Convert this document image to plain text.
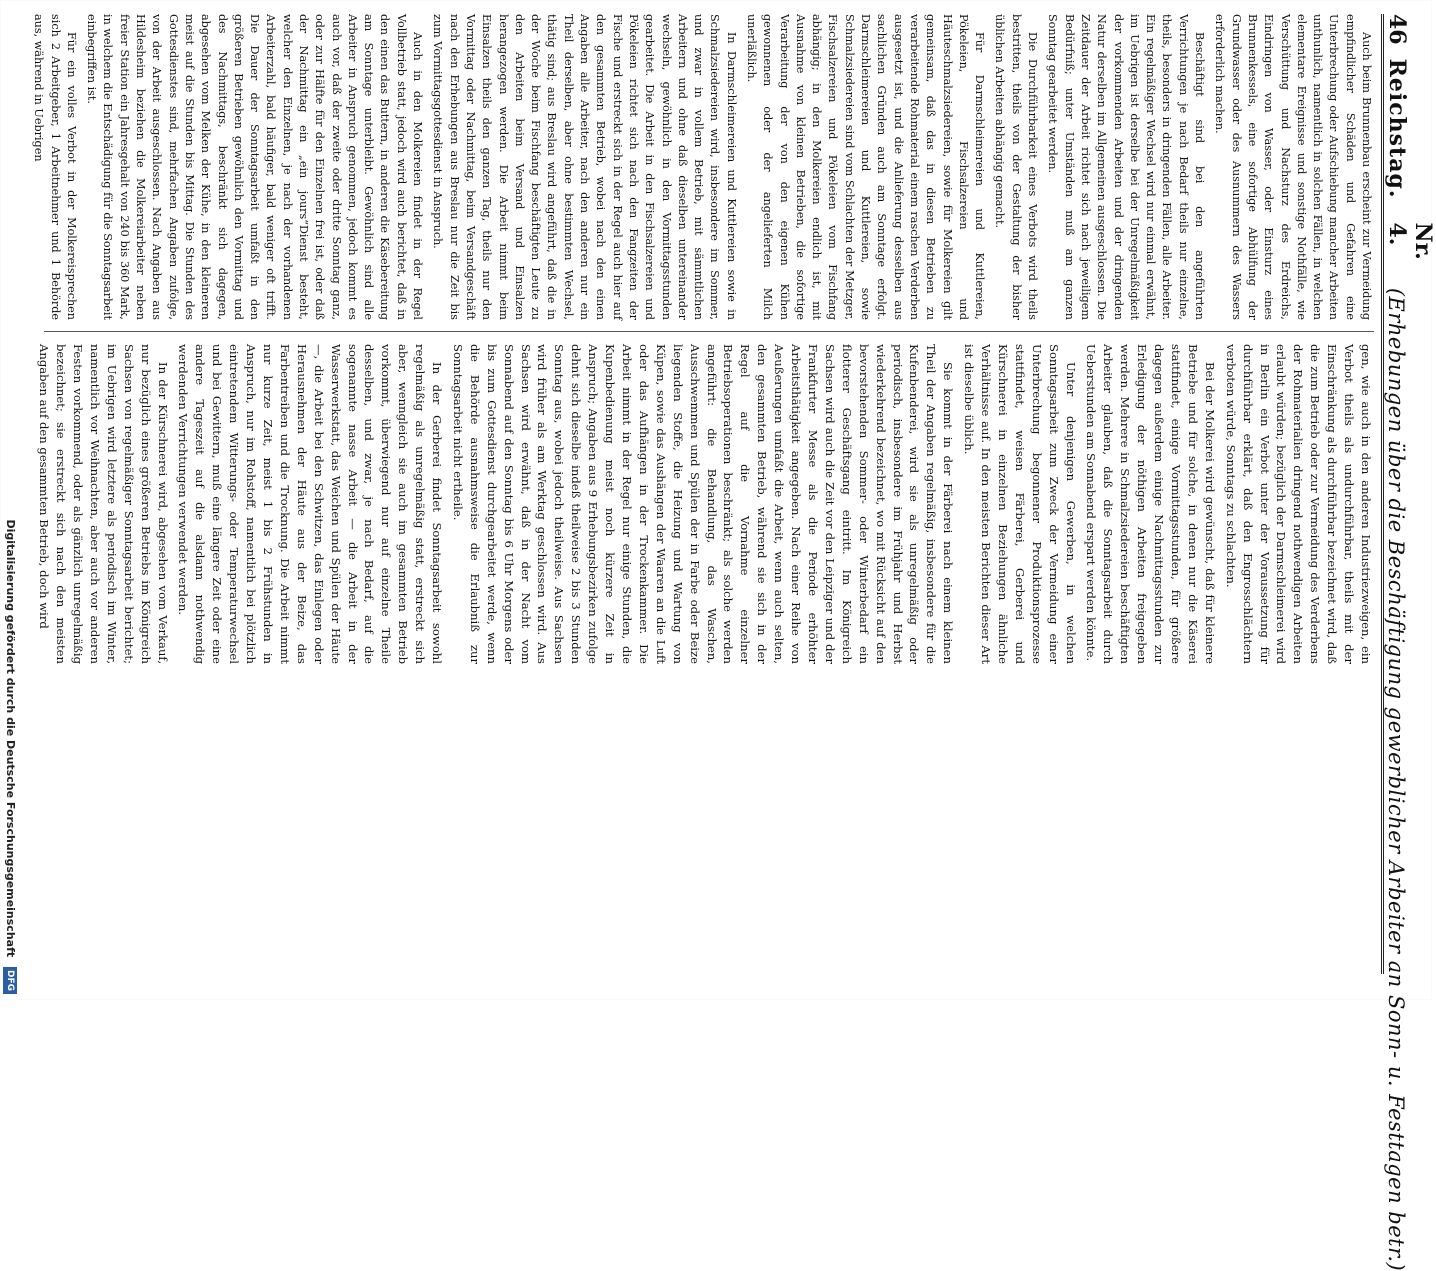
46
Reichstag.
Nr. 4.
(Erhebungen über die Beschäftigung gewerblicher Arbeiter an Sonn- u. Festtagen betr.)

Auch beim Brunnenbau erscheint zur Vermeidung empfindlicher Schäden und Gefahren eine Unterbrechung oder Aufschiebung mancher Arbeiten unthunlich, namentlich in solchen Fällen, in welchen elementare Ereignisse und sonstige Nothfälle, wie Verschüttung und Nachsturz des Erdreichs, Eindringen von Wasser, oder Einsturz eines Brunnenkessels, eine sofortige Abhülfung der Grundwasser oder des Ausnummern des Wassers erforderlich machen.

Beschäftigt sind bei den angeführten Verrichtungen je nach Bedarf theils nur einzelne, theils, besonders in dringenden Fällen, alle Arbeiter. Ein regelmäßiger Wechsel wird nur einmal erwähnt, im Uebrigen ist derselbe bei der Unregelmäßigkeit der vorkommenden Arbeiten und der dringenden Natur derselben im Allgemeinen ausgeschlossen. Die Zeitdauer der Arbeit richtet sich nach jeweiligem Bedürfniß; unter Umständen muß am ganzen Sonntag gearbeitet werden.

Die Durchführbarkeit eines Verbots wird theils bestritten, theils von der Gestaltung der bisher üblichen Arbeiten abhängig gemacht.

Für Darmschleimereien und Kuttlereien, Pökeleien, Fischsalzereien und Häuteschmalzsiedereien, sowie für Molkereien gilt gemeinsam, daß das in diesen Betrieben zu verarbeitende Rohmaterial einem raschen Verderben ausgesetzt ist, und die Anlieferung desselben aus sachlichen Gründen auch am Sonntage erfolgt. Darmschleimereien und Kuttlereien, sowie Schmalzsiedereien sind vom Schlachten der Metzger, Fischsalzereien und Pökeleien vom Fischfang abhängig; in den Molkereien endlich ist, mit Ausnahme von kleinen Betrieben, die sofortige Verarbeitung der von den eigenen Kühen gewonnenen oder der angelieferten Milch unerläßlich.

In Darmschleimereien und Kuttlereien sowie in Schmalzsiedereien wird, insbesondere im Sommer, und zwar in vollem Betrieb, mit sämmtlichen Arbeitern und ohne daß dieselben untereinander wechseln, gewöhnlich in den Vormittagsstunden gearbeitet. Die Arbeit in den Fischsalzereien und Pökeleien richtet sich nach den Fangzeiten der Fische und erstreckt sich in der Regel auch hier auf den gesammten Betrieb, wobei nach den einen Angaben alle Arbeiter, nach den anderen nur ein Theil derselben, aber ohne bestimmten Wechsel, thätig sind; aus Breslau wird angeführt, daß die in der Woche beim Fischfang beschäftigten Leute zu den Arbeiten beim Versand und Einsalzen herangezogen werden. Die Arbeit nimmt beim Einsalzen theils den ganzen Tag, theils nur den Vormittag oder Nachmittag, beim Versandgeschäft nach den Erhebungen aus Breslau nur die Zeit bis zum Vormittagsgottesdienst in Anspruch.

Auch in den Molkereien findet in der Regel Vollbetrieb statt, jedoch wird auch berichtet, daß in den einen das Buttern, in anderen die Käsebereitung am Sonntage unterbleibt. Gewöhnlich sind alle Arbeiter in Anspruch genommen, jedoch kommt es auch vor, daß der zweite oder dritte Sonntag ganz, oder zur Hälfte für den Einzelnen frei ist, oder daß der Nachmittag ein „ein jours“Dienst besteht, welcher den Einzelnen, je nach der vorhandenen Arbeiterzahl, bald häufiger, bald weniger oft trifft. Die Dauer der Sonntagsarbeit umfaßt in den größeren Betrieben gewöhnlich den Vormittag und des Nachmittags, beschränkt sich dagegen, abgesehen vom Melken der Kühe, in den kleineren meist auf die Stunden bis Mittag. Die Stunden des Gottesdienstes sind, mehrfachen Angaben zufolge, von der Arbeit ausgeschlossen. Nach Angaben aus Hildesheim beziehen die Molkereiarbeiter neben freier Station ein Jahresgehalt von 240 bis 360 Mark, in welchem die Entschädigung für die Sonntagsarbeit einbegriffen ist.

Für ein volles Verbot in der Molkereisprechen sich 2 Arbeitgeber, 1 Arbeitnehmer und 1 Behörde aus, während in Uebrigen

gen, wie auch in den anderen Industriezweigen, ein Verbot theils als undurchführbar, theils mit der Einschränkung als durchführbar bezeichnet wird, daß die zum Betrieb oder zur Vermeidung des Verderbens der Rohmaterialien dringend nothwendigen Arbeiten erlaubt würden; bezüglich der Darmschleimerei wird in Berlin ein Verbot unter der Voraussetzung für durchführbar erklärt, daß den Engrosschlächtern verboten würde, Sonntags zu schlachten.

Bei der Molkerei wird gewünscht, daß für kleinere Betriebe und für solche, in denen nur die Käserei stattfindet, einige Vormittagsstunden, für größere dagegen außerdem einige Nachmittagsstunden zur Erledigung der nöthigen Arbeiten freigegeben werden. Mehrere in Schmalzsiedereien beschäftigten Arbeiter glauben, daß die Sonntagsarbeit durch Ueberstunden am Sonnabend erspart werden könnte.

Unter denjenigen Gewerben, in welchen Sonntagsarbeit zum Zweck der Vermeidung einer Unterbrechung begonnener Produktionsprozesse stattfindet, weisen Färberei, Gerberei und Kürschnerei in einzelnen Beziehungen ähnliche Verhältnisse auf. In den meisten Berichten dieser Art ist dieselbe üblich.

Sie kommt in der Färberei nach einem kleinen Theil der Angaben regelmäßig, insbesondere für die Kufenbenderei, wird sie als unregelmäßig oder periodisch, insbesondere im Frühjahr und Herbst wiederkehrend bezeichnet, wo mit Rücksicht auf den bevorstehenden Sommer- oder Winterbedarf ein flotterer Geschäftsgang eintritt. Im Königreich Sachsen wird auch die Zeit vor den Leipziger und der Frankfurter Messe als die Periode erhöhter Arbeitsthätigkeit angegeben. Nach einer Reihe von Aeußerungen umfaßt die Arbeit, wenn auch selten, den gesammten Betrieb, während sie sich in der Regel auf die Vornahme einzelner Betriebsoperationen beschränkt; als solche werden angeführt: die Behandlung, das Waschen, Ausschwemmen und Spülen der in Farbe oder Beize liegenden Stoffe, die Heizung und Wartung von Küpen, sowie das Aushängen der Waaren an die Luft oder das Aufhängen in der Trockenkammer. Die Arbeit nimmt in der Regel nur einige Stunden, die Kupenbedienung meist noch kürzere Zeit in Anspruch; Angaben aus 9 Erhebungsbezirken zufolge dehnt sich dieselbe indeß theilweise 2 bis 3 Stunden Sonntag aus, wobei jedoch theilweise. Aus Sachsen wird früher als am Werktag geschlossen wird. Aus Sachsen wird erwähnt, daß in der Nacht vom Sonnabend auf den Sonntag bis 6 Uhr Morgens oder bis zum Gottesdienst durchgearbeitet werde, wenn die Behörde ausnahmsweise die Erlaubniß zur Sonntagsarbeit nicht ertheile.

In der Gerberei findet Sonntagsarbeit sowohl regelmäßig als unregelmäßig statt, erstreckt sich aber, wenngleich sie auch im gesammten Betrieb vorkommt, überwiegend nur auf einzelne Theile desselben, und zwar, je nach Bedarf, auf die sogenannte nasse Arbeit — die Arbeit in der Wasserwerkstatt, das Weichen und Spülen der Häute —, die Arbeit bei den Schwitzen, das Einlegen oder Herausnehmen der Häute aus der Beize, das Farbentreiben und die Trocknung. Die Arbeit nimmt nur kurze Zeit, meist 1 bis 2 Frühstunden in Anspruch, nur im Rohstoff, namentlich bei plötzlich eintretendem Witterungs- oder Temperaturwechsel und bei Gewittern, muß eine längere Zeit oder eine andere Tageszeit auf die alsdann nothwendig werdenden Verrichtungen verwendet werden.

In der Kürschnerei wird, abgesehen vom Verkauf, nur bezüglich eines größeren Betriebs im Königreich Sachsen von regelmäßiger Sonntagsarbeit berichtet; im Uebrigen wird letztere als periodisch im Winter, namentlich vor Weihnachten, aber auch vor anderen Festen vorkommend, oder als gänzlich unregelmäßig bezeichnet; sie erstreckt sich nach den meisten Angaben auf den gesammten Betrieb, doch wird

Digitalisierung gefördert durch die Deutsche Forschungsgemeinschaft DFG
